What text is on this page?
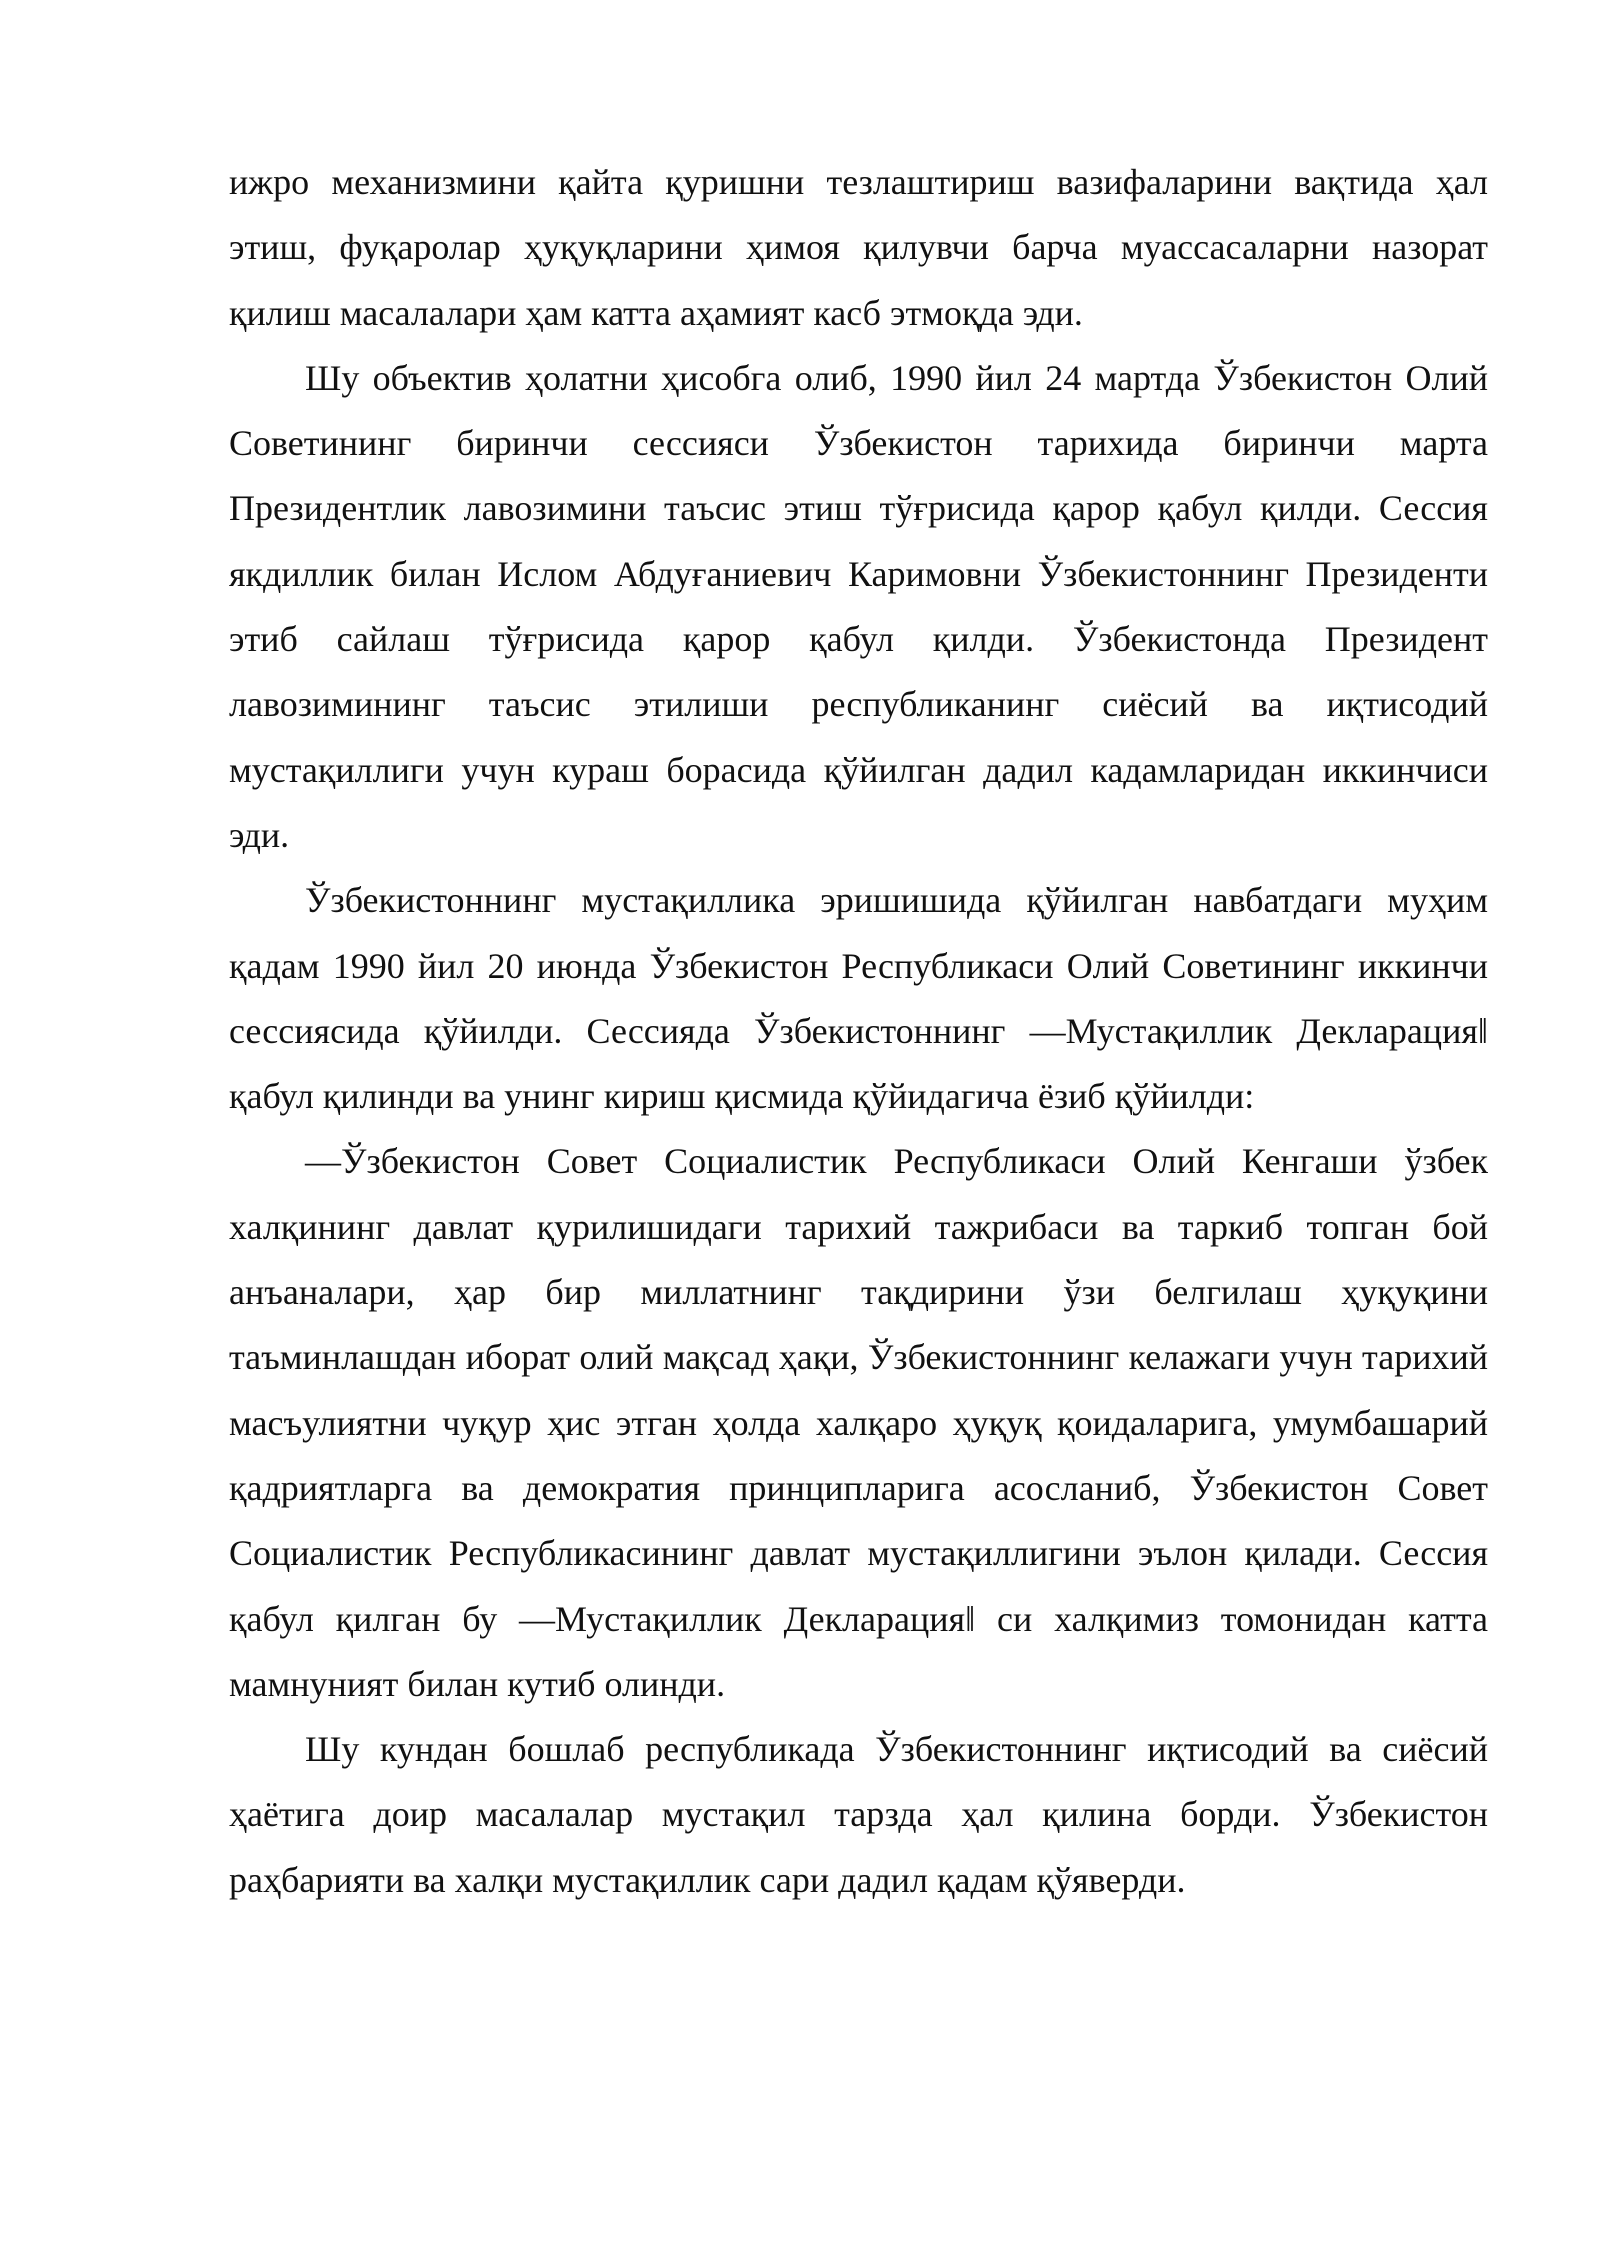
ижро механизмини қайта қуришни тезлаштириш вазифаларини вақтида ҳал этиш, фуқаролар ҳуқуқларини ҳимоя қилувчи барча муассасаларни назорат қилиш масалалари ҳам катта аҳамият касб этмоқда эди.

Шу объектив ҳолатни ҳисобга олиб, 1990 йил 24 мартда Ўзбекистон Олий Советининг биринчи сессияси Ўзбекистон тарихида биринчи марта Президентлик лавозимини таъсис этиш тўғрисида қарор қабул қилди. Сессия якдиллик билан Ислом Абдуғаниевич Каримовни Ўзбекистоннинг Президенти этиб сайлаш тўғрисида қарор қабул қилди. Ўзбекистонда Президент лавозимининг таъсис этилиши республиканинг сиёсий ва иқтисодий мустақиллиги учун кураш борасида қўйилган дадил кадамларидан иккинчиси эди.

Ўзбекистоннинг мустақиллика эришишида қўйилган навбатдаги муҳим қадам 1990 йил 20 июнда Ўзбекистон Республикаси Олий Советининг иккинчи сессиясида қўйилди. Сессияда Ўзбекистоннинг ―Мустақиллик Декларацияǁ қабул қилинди ва унинг кириш қисмида қўйидагича ёзиб қўйилди:

―Ўзбекистон Совет Социалистик Республикаси Олий Кенгаши ўзбек халқининг давлат қурилишидаги тарихий тажрибаси ва таркиб топган бой анъаналари, ҳар бир миллатнинг тақдирини ўзи белгилаш ҳуқуқини таъминлашдан иборат олий мақсад ҳақи, Ўзбекистоннинг келажаги учун тарихий масъулиятни чуқур ҳис этган ҳолда халқаро ҳуқуқ қоидаларига, умумбашарий қадриятларга ва демократия принципларига асосланиб, Ўзбекистон Совет Социалистик Республикасининг давлат мустақиллигини эълон қилади. Сессия қабул қилган бу ―Мустақиллик Декларацияǁ си халқимиз томонидан катта мамнуният билан кутиб олинди.

Шу кундан бошлаб республикада Ўзбекистоннинг иқтисодий ва сиёсий ҳаётига доир масалалар мустақил тарзда ҳал қилина борди. Ўзбекистон раҳбарияти ва халқи мустақиллик сари дадил қадам қўяверди.
